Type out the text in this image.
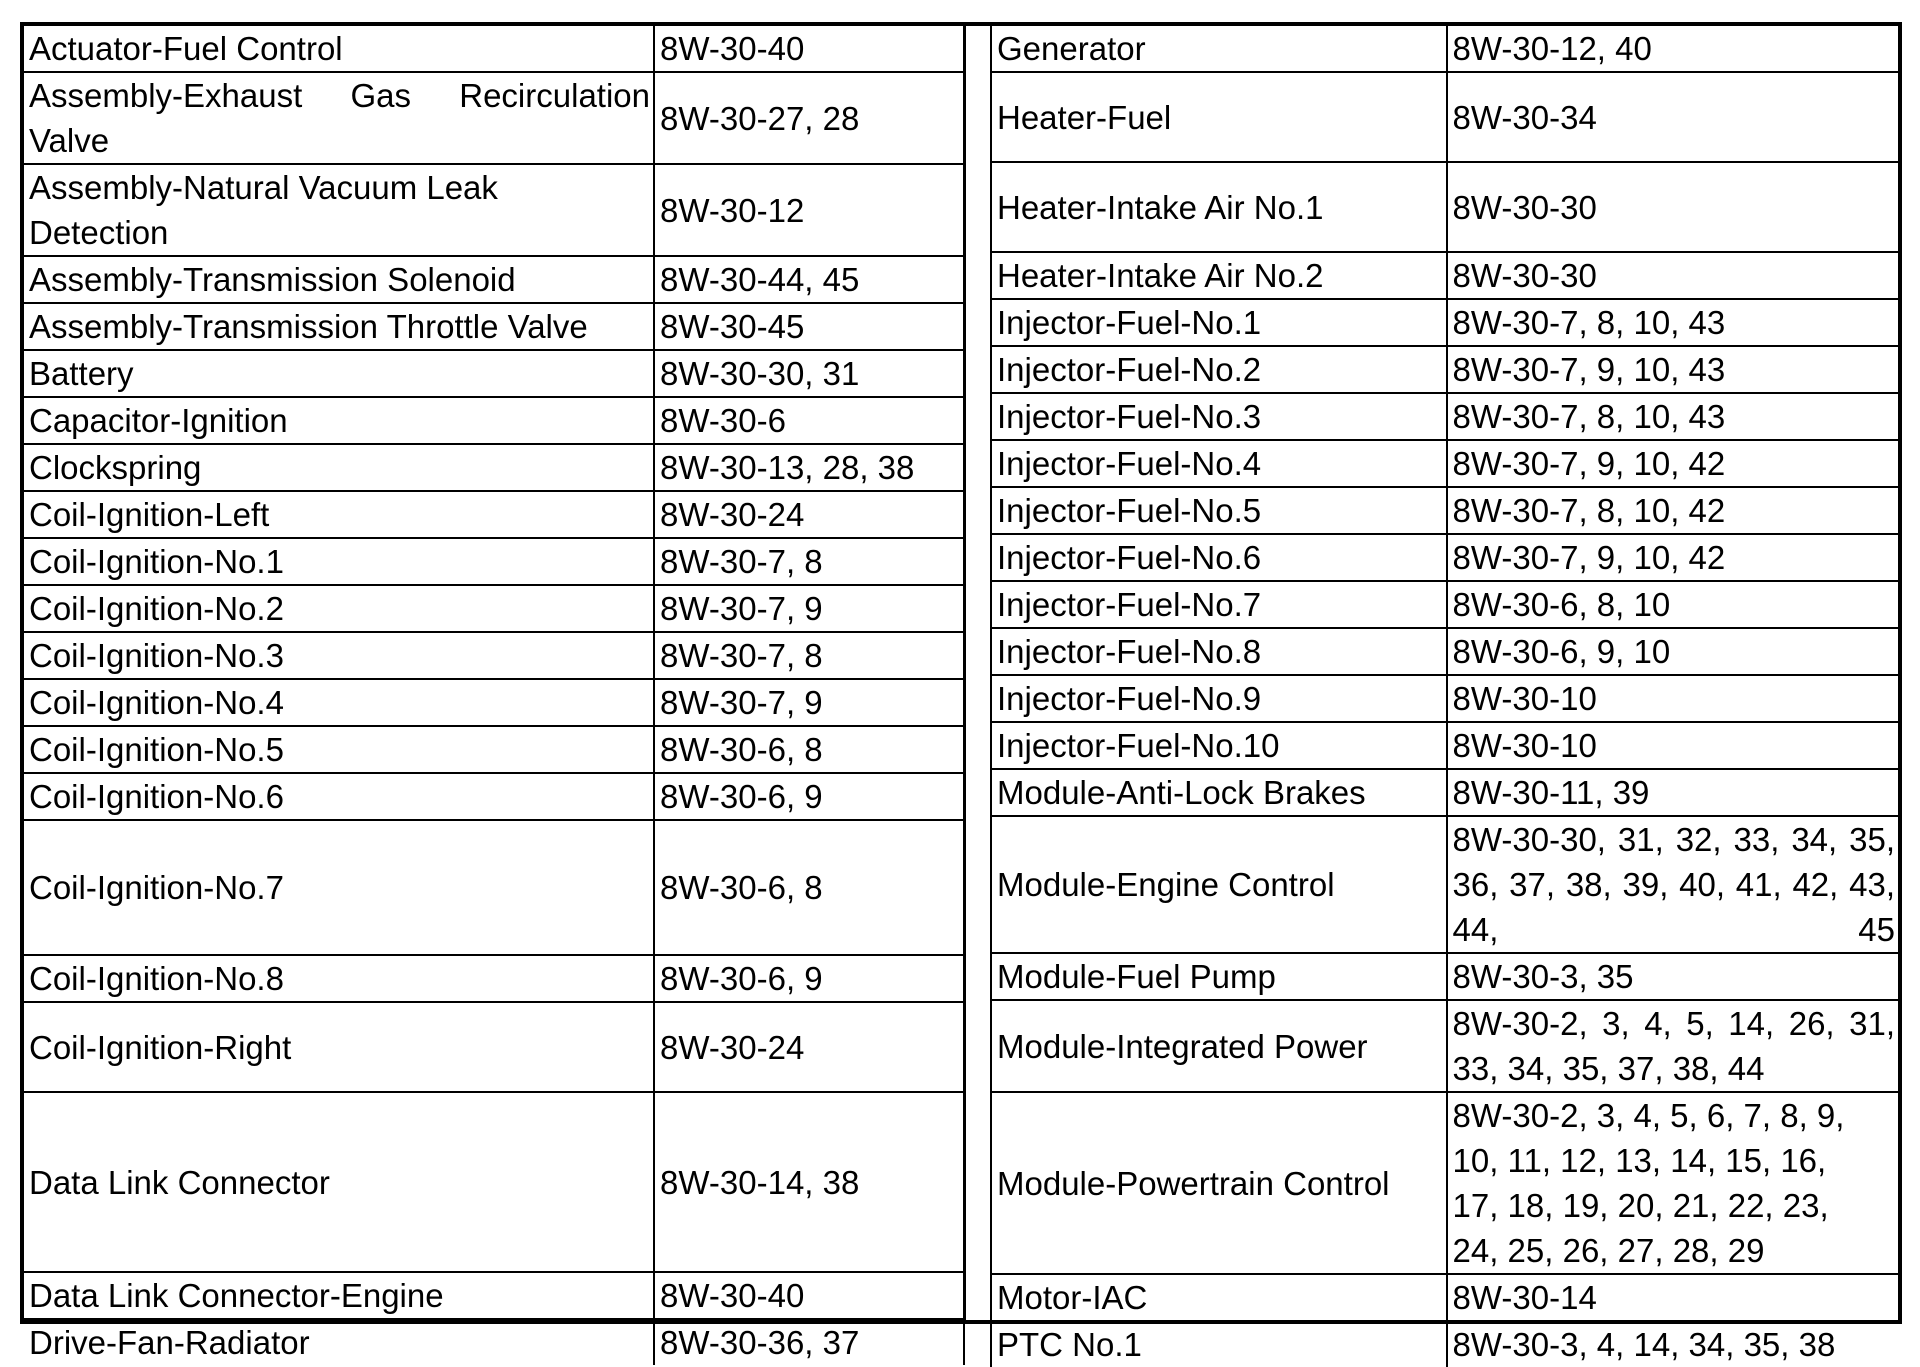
Actuator-Fuel Control	8W-30-40
Assembly-Exhaust Gas Recirculation Valve	8W-30-27, 28
Assembly-Natural Vacuum Leak Detection	8W-30-12
Assembly-Transmission Solenoid	8W-30-44, 45
Assembly-Transmission Throttle Valve	8W-30-45
Battery	8W-30-30, 31
Capacitor-Ignition	8W-30-6
Clockspring	8W-30-13, 28, 38
Coil-Ignition-Left	8W-30-24
Coil-Ignition-No.1	8W-30-7, 8
Coil-Ignition-No.2	8W-30-7, 9
Coil-Ignition-No.3	8W-30-7, 8
Coil-Ignition-No.4	8W-30-7, 9
Coil-Ignition-No.5	8W-30-6, 8
Coil-Ignition-No.6	8W-30-6, 9
Coil-Ignition-No.7	8W-30-6, 8
Coil-Ignition-No.8	8W-30-6, 9
Coil-Ignition-Right	8W-30-24
Data Link Connector	8W-30-14, 38
Data Link Connector-Engine	8W-30-40
Drive-Fan-Radiator	8W-30-36, 37
Generator	8W-30-12, 40
Heater-Fuel	8W-30-34
Heater-Intake Air No.1	8W-30-30
Heater-Intake Air No.2	8W-30-30
Injector-Fuel-No.1	8W-30-7, 8, 10, 43
Injector-Fuel-No.2	8W-30-7, 9, 10, 43
Injector-Fuel-No.3	8W-30-7, 8, 10, 43
Injector-Fuel-No.4	8W-30-7, 9, 10, 42
Injector-Fuel-No.5	8W-30-7, 8, 10, 42
Injector-Fuel-No.6	8W-30-7, 9, 10, 42
Injector-Fuel-No.7	8W-30-6, 8, 10
Injector-Fuel-No.8	8W-30-6, 9, 10
Injector-Fuel-No.9	8W-30-10
Injector-Fuel-No.10	8W-30-10
Module-Anti-Lock Brakes	8W-30-11, 39
Module-Engine Control	8W-30-30, 31, 32, 33, 34, 35, 36, 37, 38, 39, 40, 41, 42, 43, 44, 45
Module-Fuel Pump	8W-30-3, 35
Module-Integrated Power	8W-30-2, 3, 4, 5, 14, 26, 31, 33, 34, 35, 37, 38, 44
Module-Powertrain Control	8W-30-2, 3, 4, 5, 6, 7, 8, 9, 10, 11, 12, 13, 14, 15, 16, 17, 18, 19, 20, 21, 22, 23, 24, 25, 26, 27, 28, 29
Motor-IAC	8W-30-14
PTC No.1	8W-30-3, 4, 14, 34, 35, 38
